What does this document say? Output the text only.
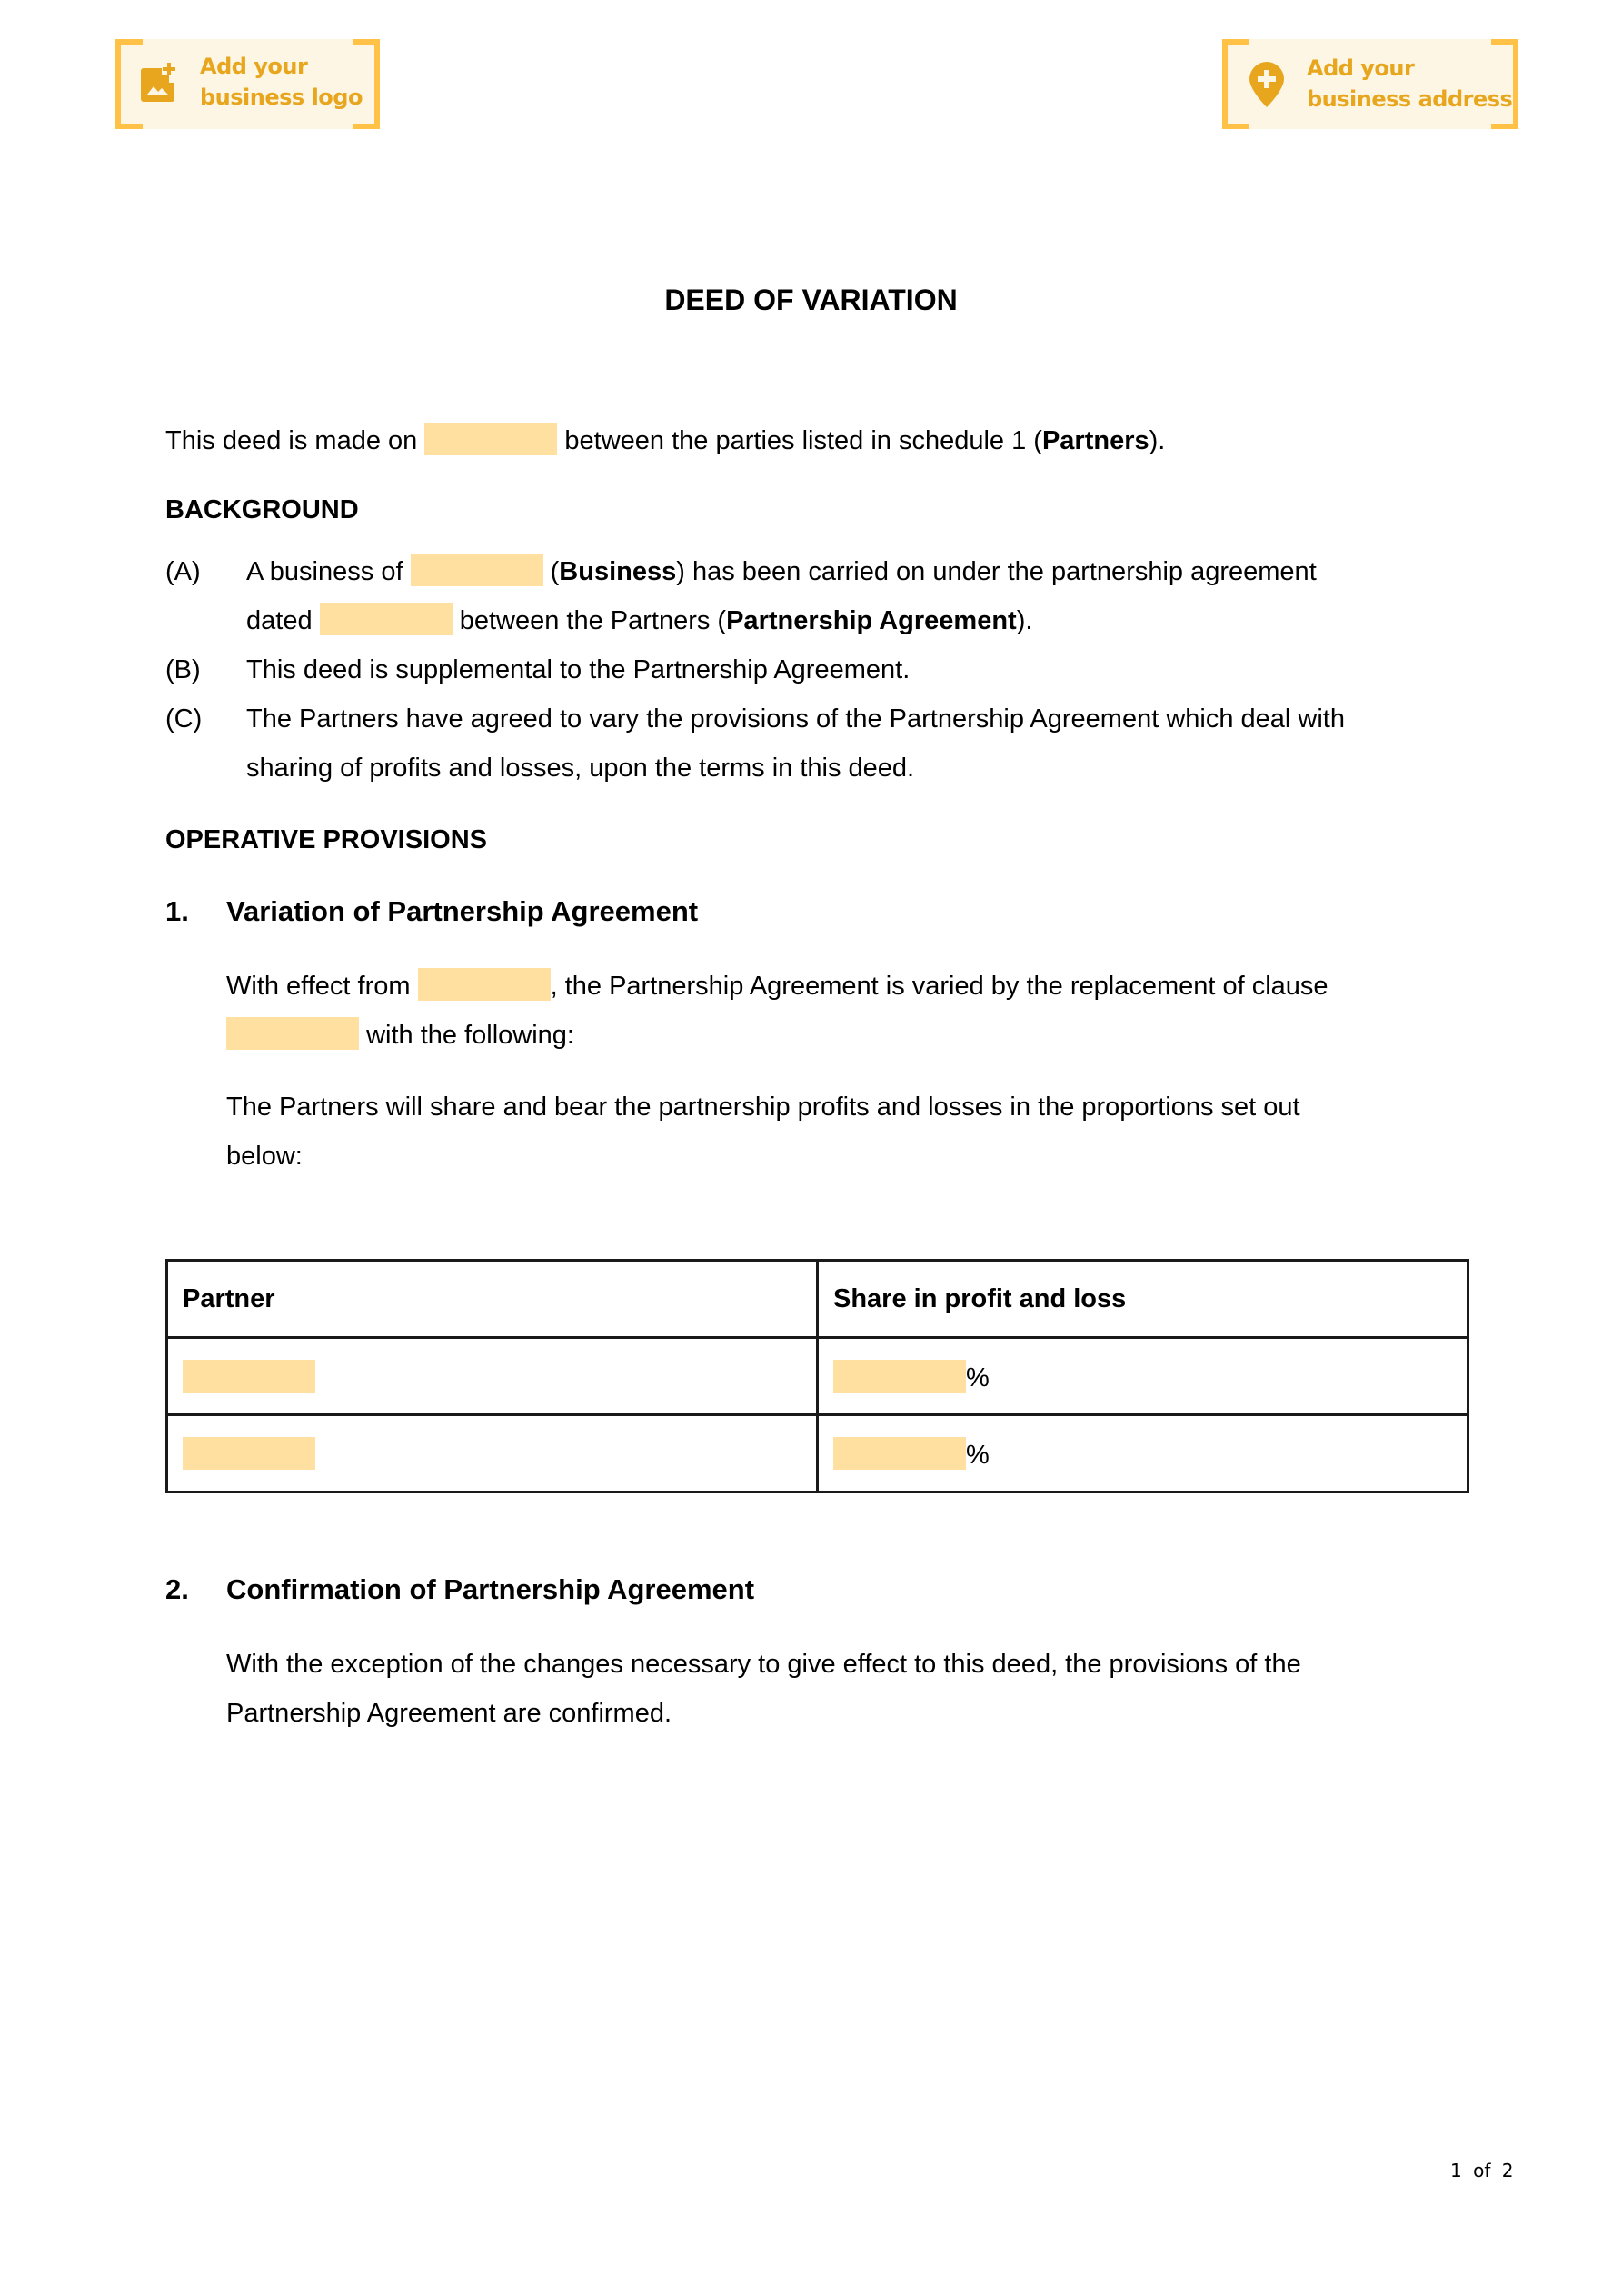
Add your
business logo
Add your
business address
DEED OF VARIATION
This deed is made on	between the parties listed in schedule 1 (Partners).
BACKGROUND
(A) A business of	(Business) has been carried on under the partnership agreement
dated	between the Partners (Partnership Agreement).
(B) This deed is supplemental to the Partnership Agreement.
(C) The Partners have agreed to vary the provisions of the Partnership Agreement which deal with
sharing of profits and losses, upon the terms in this deed.
OPERATIVE PROVISIONS
1. Variation of Partnership Agreement
With effect from	, the Partnership Agreement is varied by the replacement of clause
with the following:
The Partners will share and bear the partnership profits and losses in the proportions set out
below:
Partner	Share in profit and loss
	%
	%
2. Confirmation of Partnership Agreement
With the exception of the changes necessary to give effect to this deed, the provisions of the
Partnership Agreement are confirmed.
1 of 2
